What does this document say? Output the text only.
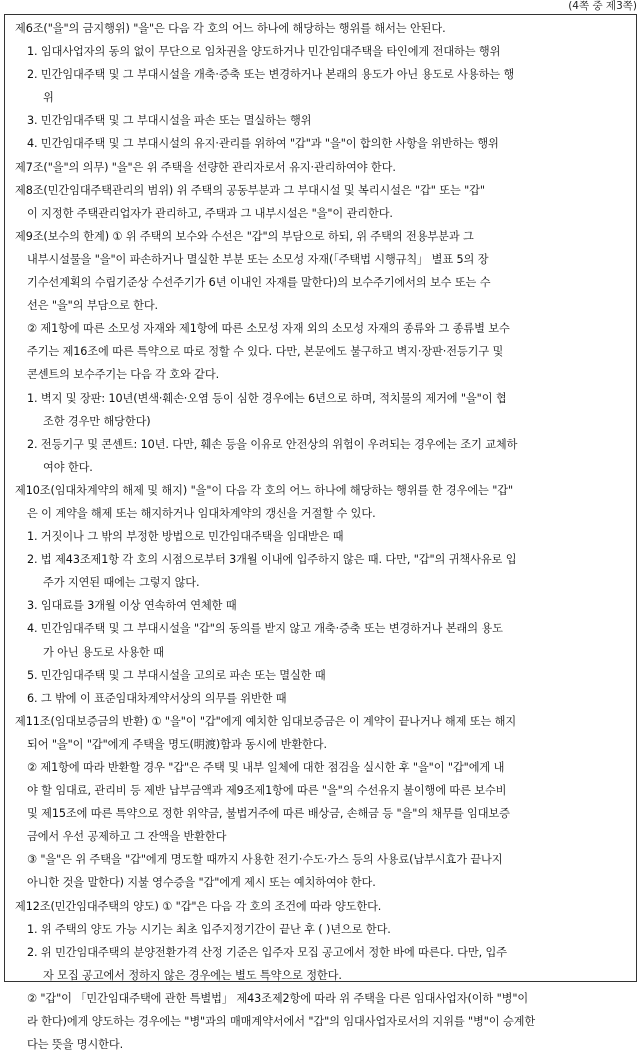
(4쪽 중 제3쪽)
제6조("을"의 금지행위) "을"은 다음 각 호의 어느 하나에 해당하는 행위를 해서는 안된다.
1. 임대사업자의 동의 없이 무단으로 임차권을 양도하거나 민간임대주택을 타인에게 전대하는 행위
2. 민간임대주택 및 그 부대시설을 개축·증축 또는 변경하거나 본래의 용도가 아닌 용도로 사용하는 행
위
3. 민간임대주택 및 그 부대시설을 파손 또는 멸실하는 행위
4. 민간임대주택 및 그 부대시설의 유지·관리를 위하여 "갑"과 "을"이 합의한 사항을 위반하는 행위
제7조("을"의 의무) "을"은 위 주택을 선량한 관리자로서 유지·관리하여야 한다.
제8조(민간임대주택관리의 범위) 위 주택의 공동부분과 그 부대시설 및 복리시설은 "갑" 또는 "갑"
이 지정한 주택관리업자가 관리하고, 주택과 그 내부시설은 "을"이 관리한다.
제9조(보수의 한계) ① 위 주택의 보수와 수선은 "갑"의 부담으로 하되, 위 주택의 전용부분과 그
내부시설물을 "을"이 파손하거나 멸실한 부분 또는 소모성 자재(「주택법 시행규칙」 별표 5의 장
기수선계획의 수립기준상 수선주기가 6년 이내인 자재를 말한다)의 보수주기에서의 보수 또는 수
선은 "을"의 부담으로 한다.
② 제1항에 따른 소모성 자재와 제1항에 따른 소모성 자재 외의 소모성 자재의 종류와 그 종류별 보수
주기는 제16조에 따른 특약으로 따로 정할 수 있다. 다만, 본문에도 불구하고 벽지·장판·전등기구 및
콘센트의 보수주기는 다음 각 호와 같다.
1. 벽지 및 장판: 10년(변색·훼손·오염 등이 심한 경우에는 6년으로 하며, 적치물의 제거에 "을"이 협
조한 경우만 해당한다)
2. 전등기구 및 콘센트: 10년. 다만, 훼손 등을 이유로 안전상의 위험이 우려되는 경우에는 조기 교체하
여야 한다.
제10조(임대차계약의 해제 및 해지) "을"이 다음 각 호의 어느 하나에 해당하는 행위를 한 경우에는 "갑"
은 이 계약을 해제 또는 해지하거나 임대차계약의 갱신을 거절할 수 있다.
1. 거짓이나 그 밖의 부정한 방법으로 민간임대주택을 임대받은 때
2. 법 제43조제1항 각 호의 시점으로부터 3개월 이내에 입주하지 않은 때. 다만, "갑"의 귀책사유로 입
주가 지연된 때에는 그렇지 않다.
3. 임대료를 3개월 이상 연속하여 연체한 때
4. 민간임대주택 및 그 부대시설을 "갑"의 동의를 받지 않고 개축·증축 또는 변경하거나 본래의 용도
가 아닌 용도로 사용한 때
5. 민간임대주택 및 그 부대시설을 고의로 파손 또는 멸실한 때
6. 그 밖에 이 표준임대차계약서상의 의무를 위반한 때
제11조(임대보증금의 반환) ① "을"이 "갑"에게 예치한 임대보증금은 이 계약이 끝나거나 해제 또는 해지
되어 "을"이 "갑"에게 주택을 명도(明渡)함과 동시에 반환한다.
② 제1항에 따라 반환할 경우 "갑"은 주택 및 내부 일체에 대한 점검을 실시한 후 "을"이 "갑"에게 내
야 할 임대료, 관리비 등 제반 납부금액과 제9조제1항에 따른 "을"의 수선유지 불이행에 따른 보수비
및 제15조에 따른 특약으로 정한 위약금, 불법거주에 따른 배상금, 손해금 등 "을"의 채무를 임대보증
금에서 우선 공제하고 그 잔액을 반환한다
③ "을"은 위 주택을 "갑"에게 명도할 때까지 사용한 전기·수도·가스 등의 사용료(납부시효가 끝나지
아니한 것을 말한다) 지불 영수증을 "갑"에게 제시 또는 예치하여야 한다.
제12조(민간임대주택의 양도) ① "갑"은 다음 각 호의 조건에 따라 양도한다.
1. 위 주택의 양도 가능 시기는 최초 입주지정기간이 끝난 후 ( )년으로 한다.
2. 위 민간임대주택의 분양전환가격 산정 기준은 입주자 모집 공고에서 정한 바에 따른다. 다만, 입주
자 모집 공고에서 정하지 않은 경우에는 별도 특약으로 정한다.
② "갑"이 「민간임대주택에 관한 특별법」 제43조제2항에 따라 위 주택을 다른 임대사업자(이하 "병"이
라 한다)에게 양도하는 경우에는 "병"과의 매매계약서에서 "갑"의 임대사업자로서의 지위를 "병"이 승계한
다는 뜻을 명시한다.
